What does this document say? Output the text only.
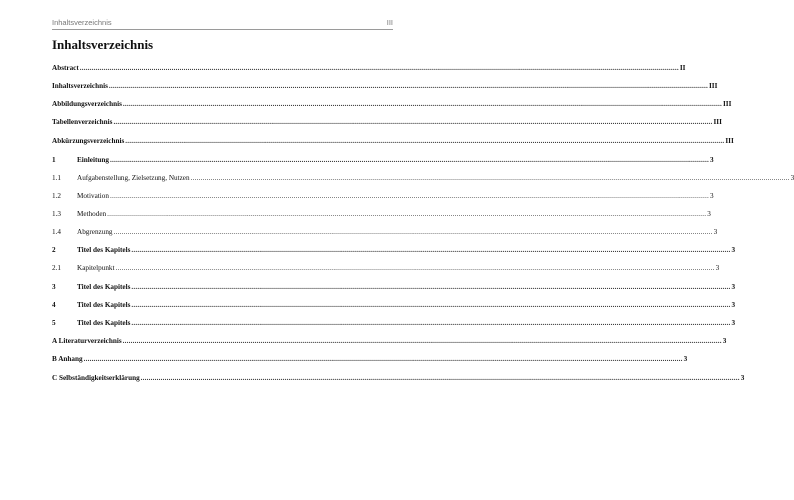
Inhaltsverzeichnis	III
Inhaltsverzeichnis
Abstract ............................................................................................................................................................................................................................................................................................................ II
Inhaltsverzeichnis ............................................................................................................................................................................................................................................................................................................ III
Abbildungsverzeichnis ............................................................................................................................................................................................................................................................................................................ III
Tabellenverzeichnis ............................................................................................................................................................................................................................................................................................................ III
Abkürzungsverzeichnis ............................................................................................................................................................................................................................................................................................................ III
1	Einleitung ............................................................................................................................................................................................................................................................................................................ 3
1.1	Aufgabenstellung, Zielsetzung, Nutzen ............................................................................................................................................................................................................................................................................................................ 3
1.2	Motivation ............................................................................................................................................................................................................................................................................................................ 3
1.3	Methoden ............................................................................................................................................................................................................................................................................................................ 3
1.4	Abgrenzung ............................................................................................................................................................................................................................................................................................................ 3
2	Titel des Kapitels ............................................................................................................................................................................................................................................................................................................ 3
2.1	Kapitelpunkt ............................................................................................................................................................................................................................................................................................................ 3
3	Titel des Kapitels ............................................................................................................................................................................................................................................................................................................ 3
4	Titel des Kapitels ............................................................................................................................................................................................................................................................................................................ 3
5	Titel des Kapitels ............................................................................................................................................................................................................................................................................................................ 3
A Literaturverzeichnis ............................................................................................................................................................................................................................................................................................................ 3
B Anhang ............................................................................................................................................................................................................................................................................................................ 3
C Selbständigkeitserklärung ............................................................................................................................................................................................................................................................................................................ 3
